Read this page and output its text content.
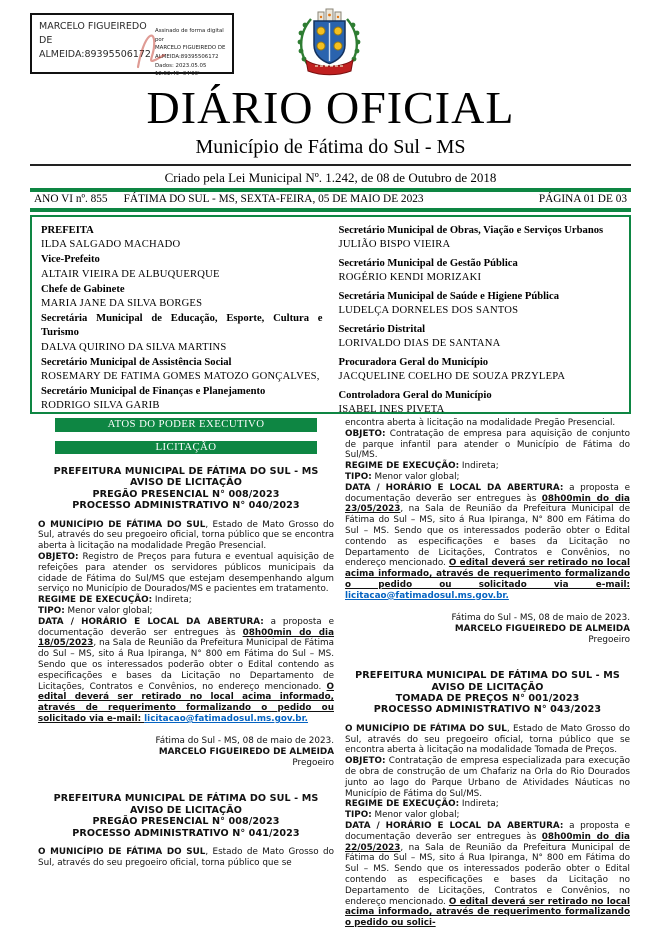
MARCELO FIGUEIREDO DE ALMEIDA:89395506172
Assinado de forma digital por
MARCELO FIGUEIREDO DE
ALMEIDA:89395506172
Dados: 2023.05.05 12:52:49 -04'00'
DIÁRIO OFICIAL
Município de Fátima do Sul - MS
Criado pela Lei Municipal Nº. 1.242, de 08 de Outubro de 2018
ANO VI nº. 855 FÁTIMA DO SUL - MS, SEXTA-FEIRA, 05 DE MAIO DE 2023	PÁGINA 01 DE 03
PREFEITA
ILDA SALGADO MACHADO
Vice-Prefeito
ALTAIR VIEIRA DE ALBUQUERQUE
Chefe de Gabinete
MARIA JANE DA SILVA BORGES
Secretária Municipal de Educação, Esporte, Cultura e Turismo
DALVA QUIRINO DA SILVA MARTINS
Secretário Municipal de Assistência Social
ROSEMARY DE FATIMA GOMES MATOZO GONÇALVES,
Secretário Municipal de Finanças e Planejamento
RODRIGO SILVA GARIB
Secretário Municipal de Obras, Viação e Serviços Urbanos
JULIÃO BISPO VIEIRA
Secretário Municipal de Gestão Pública
ROGÉRIO KENDI MORIZAKI
Secretária Municipal de Saúde e Higiene Pública
LUDELÇA DORNELES DOS SANTOS
Secretário Distrital
LORIVALDO DIAS DE SANTANA
Procuradora Geral do Município
JACQUELINE COELHO DE SOUZA PRZYLEPA
Controladora Geral do Município
ISABEL INES PIVETA
ATOS DO PODER EXECUTIVO
LICITAÇÃO
PREFEITURA MUNICIPAL DE FÁTIMA DO SUL - MS
AVISO DE LICITAÇÃO
PREGÃO PRESENCIAL N° 008/2023
PROCESSO ADMINISTRATIVO N° 040/2023
O MUNICÍPIO DE FÁTIMA DO SUL, Estado de Mato Grosso do Sul, através do seu pregoeiro oficial, torna público que se encontra aberta à licitação na modalidade Pregão Presencial.
OBJETO: Registro de Preços para futura e eventual aquisição de refeições para atender os servidores públicos municipais da cidade de Fátima do Sul/MS que estejam desempenhando algum serviço no Município de Dourados/MS e pacientes em tratamento.
REGIME DE EXECUÇÃO: Indireta;
TIPO: Menor valor global;
DATA / HORÁRIO E LOCAL DA ABERTURA: a proposta e documentação deverão ser entregues às 08h00min do dia 18/05/2023, na Sala de Reunião da Prefeitura Municipal de Fátima do Sul – MS, sito á Rua Ipiranga, N° 800 em Fátima do Sul – MS. Sendo que os interessados poderão obter o Edital contendo as especificações e bases da Licitação no Departamento de Licitações, Contratos e Convênios, no endereço mencionado. O edital deverá ser retirado no local acima informado, através de requerimento formalizando o pedido ou solicitado via e-mail: licitacao@fatimadosul.ms.gov.br.
Fátima do Sul - MS, 08 de maio de 2023.
MARCELO FIGUEIREDO DE ALMEIDA
Pregoeiro
PREFEITURA MUNICIPAL DE FÁTIMA DO SUL - MS
AVISO DE LICITAÇÃO
PREGÃO PRESENCIAL N° 008/2023
PROCESSO ADMINISTRATIVO N° 041/2023
O MUNICÍPIO DE FÁTIMA DO SUL, Estado de Mato Grosso do Sul, através do seu pregoeiro oficial, torna público que se
encontra aberta à licitação na modalidade Pregão Presencial.
OBJETO: Contratação de empresa para aquisição de conjunto de parque infantil para atender o Município de Fátima do Sul/MS.
REGIME DE EXECUÇÃO: Indireta;
TIPO: Menor valor global;
DATA / HORÁRIO E LOCAL DA ABERTURA: a proposta e documentação deverão ser entregues às 08h00min do dia 23/05/2023, na Sala de Reunião da Prefeitura Municipal de Fátima do Sul – MS, sito á Rua Ipiranga, N° 800 em Fátima do Sul – MS. Sendo que os interessados poderão obter o Edital contendo as especificações e bases da Licitação no Departamento de Licitações, Contratos e Convênios, no endereço mencionado. O edital deverá ser retirado no local acima informado, através de requerimento formalizando o pedido ou solicitado via e-mail: licitacao@fatimadosul.ms.gov.br.
Fátima do Sul - MS, 08 de maio de 2023.
MARCELO FIGUEIREDO DE ALMEIDA
Pregoeiro
PREFEITURA MUNICIPAL DE FÁTIMA DO SUL - MS
AVISO DE LICITAÇÃO
TOMADA DE PREÇOS N° 001/2023
PROCESSO ADMINISTRATIVO N° 043/2023
O MUNICÍPIO DE FÁTIMA DO SUL, Estado de Mato Grosso do Sul, através do seu pregoeiro oficial, torna público que se encontra aberta à licitação na modalidade Tomada de Preços.
OBJETO: Contratação de empresa especializada para execução de obra de construção de um Chafariz na Orla do Rio Dourados junto ao lago do Parque Urbano de Atividades Náuticas no Município de Fátima do Sul/MS.
REGIME DE EXECUÇÃO: Indireta;
TIPO: Menor valor global;
DATA / HORÁRIO E LOCAL DA ABERTURA: a proposta e documentação deverão ser entregues às 08h00min do dia 22/05/2023, na Sala de Reunião da Prefeitura Municipal de Fátima do Sul – MS, sito á Rua Ipiranga, N° 800 em Fátima do Sul – MS. Sendo que os interessados poderão obter o Edital contendo as especificações e bases da Licitação no Departamento de Licitações, Contratos e Convênios, no endereço mencionado. O edital deverá ser retirado no local acima informado, através de requerimento formalizando o pedido ou solici-
